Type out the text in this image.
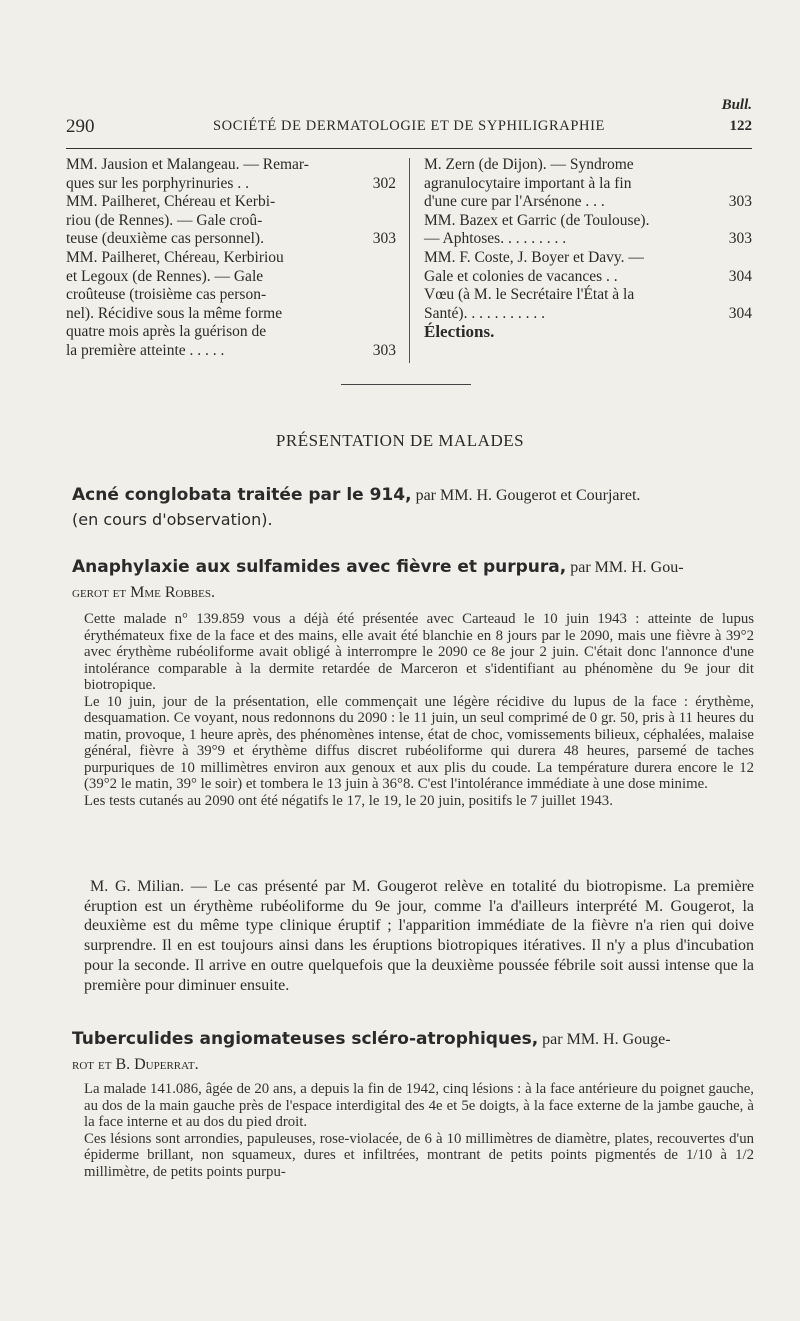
Bull.
290	SOCIÉTÉ DE DERMATOLOGIE ET DE SYPHILIGRAPHIE	122
MM. Jausion et Malangeau. — Remar-
ques sur les porphyrinuries . .	302
MM. Pailheret, Chéreau et Kerbi-
riou (de Rennes). — Gale croû-
teuse (deuxième cas personnel).	303
MM. Pailheret, Chéreau, Kerbiriou
et Legoux (de Rennes). — Gale
croûteuse (troisième cas person-
nel). Récidive sous la même forme
quatre mois après la guérison de
la première atteinte . . . . .	303
M. Zern (de Dijon). — Syndrome
agranulocytaire important à la fin
d'une cure par l'Arsénone . . .	303
MM. Bazex et Garric (de Toulouse).
— Aphtoses. . . . . . . . .	303
MM. F. Coste, J. Boyer et Davy. —
Gale et colonies de vacances . .	304
Vœu (à M. le Secrétaire l'État à la
Santé). . . . . . . . . . .	304
Élections.
PRÉSENTATION DE MALADES
Acné conglobata traitée par le 914, par MM. H. Gougerot et Courjaret.
(en cours d'observation).
Anaphylaxie aux sulfamides avec fièvre et purpura, par MM. H. Gou-
gerot et Mme Robbes.

Cette malade n° 139.859 vous a déjà été présentée avec Carteaud le 10 juin 1943 : atteinte de lupus érythémateux fixe de la face et des mains, elle avait été blanchie en 8 jours par le 2090, mais une fièvre à 39°2 avec érythème rubéoliforme avait obligé à interrompre le 2090 ce 8e jour 2 juin. C'était donc l'annonce d'une intolérance comparable à la dermite retardée de Marceron et s'identifiant au phénomène du 9e jour dit biotropique.

Le 10 juin, jour de la présentation, elle commençait une légère récidive du lupus de la face : érythème, desquamation. Ce voyant, nous redonnons du 2090 : le 11 juin, un seul comprimé de 0 gr. 50, pris à 11 heures du matin, provoque, 1 heure après, des phénomènes intense, état de choc, vomissements bilieux, céphalées, malaise général, fièvre à 39°9 et érythème diffus discret rubéoliforme qui durera 48 heures, parsemé de taches purpuriques de 10 millimètres environ aux genoux et aux plis du coude. La température durera encore le 12 (39°2 le matin, 39° le soir) et tombera le 13 juin à 36°8. C'est l'intolérance immédiate à une dose minime.

Les tests cutanés au 2090 ont été négatifs le 17, le 19, le 20 juin, positifs le 7 juillet 1943.

M. G. Milian. — Le cas présenté par M. Gougerot relève en totalité du biotropisme. La première éruption est un érythème rubéoliforme du 9e jour, comme l'a d'ailleurs interprété M. Gougerot, la deuxième est du même type clinique éruptif ; l'apparition immédiate de la fièvre n'a rien qui doive surprendre. Il en est toujours ainsi dans les éruptions biotropiques itératives. Il n'y a plus d'incubation pour la seconde. Il arrive en outre quelquefois que la deuxième poussée fébrile soit aussi intense que la première pour diminuer ensuite.

Tuberculides angiomateuses scléro-atrophiques, par MM. H. Gouge-
rot et B. Duperrat.

La malade 141.086, âgée de 20 ans, a depuis la fin de 1942, cinq lésions : à la face antérieure du poignet gauche, au dos de la main gauche près de l'espace interdigital des 4e et 5e doigts, à la face externe de la jambe gauche, à la face interne et au dos du pied droit.

Ces lésions sont arrondies, papuleuses, rose-violacée, de 6 à 10 millimètres de diamètre, plates, recouvertes d'un épiderme brillant, non squameux, dures et infiltrées, montrant de petits points pigmentés de 1/10 à 1/2 millimètre, de petits points purpu-
